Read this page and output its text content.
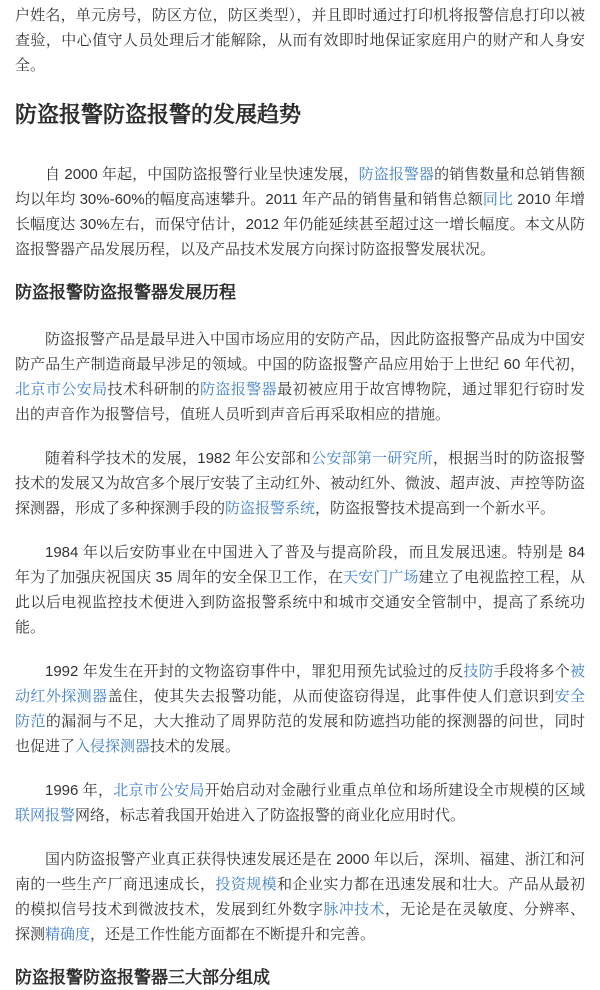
户姓名，单元房号，防区方位，防区类型），并且即时通过打印机将报警信息打印以被查验，中心值守人员处理后才能解除，从而有效即时地保证家庭用户的财产和人身安全。

防盗报警防盗报警的发展趋势

自 2000 年起，中国防盗报警行业呈快速发展，防盗报警器的销售数量和总销售额均以年均 30%-60%的幅度高速攀升。2011 年产品的销售量和销售总额同比 2010 年增长幅度达 30%左右，而保守估计，2012 年仍能延续甚至超过这一增长幅度。本文从防盗报警器产品发展历程，以及产品技术发展方向探讨防盗报警发展状况。

防盗报警防盗报警器发展历程

防盗报警产品是最早进入中国市场应用的安防产品，因此防盗报警产品成为中国安防产品生产制造商最早涉足的领域。中国的防盗报警产品应用始于上世纪 60 年代初，北京市公安局技术科研制的防盗报警器最初被应用于故宫博物院，通过罪犯行窃时发出的声音作为报警信号，值班人员听到声音后再采取相应的措施。

随着科学技术的发展，1982 年公安部和公安部第一研究所，根据当时的防盗报警技术的发展又为故宫多个展厅安装了主动红外、被动红外、微波、超声波、声控等防盗探测器，形成了多种探测手段的防盗报警系统，防盗报警技术提高到一个新水平。

1984 年以后安防事业在中国进入了普及与提高阶段，而且发展迅速。特别是 84 年为了加强庆祝国庆 35 周年的安全保卫工作，在天安门广场建立了电视监控工程，从此以后电视监控技术便进入到防盗报警系统中和城市交通安全管制中，提高了系统功能。

1992 年发生在开封的文物盗窃事件中，罪犯用预先试验过的反技防手段将多个被动红外探测器盖住，使其失去报警功能，从而使盗窃得逞，此事件使人们意识到安全防范的漏洞与不足，大大推动了周界防范的发展和防遮挡功能的探测器的问世，同时也促进了入侵探测器技术的发展。

1996 年，北京市公安局开始启动对金融行业重点单位和场所建设全市规模的区域联网报警网络，标志着我国开始进入了防盗报警的商业化应用时代。

国内防盗报警产业真正获得快速发展还是在 2000 年以后，深圳、福建、浙江和河南的一些生产厂商迅速成长，投资规模和企业实力都在迅速发展和壮大。产品从最初的模拟信号技术到微波技术，发展到红外数字脉冲技术，无论是在灵敏度、分辨率、探测精确度，还是工作性能方面都在不断提升和完善。

防盗报警防盗报警器三大部分组成
